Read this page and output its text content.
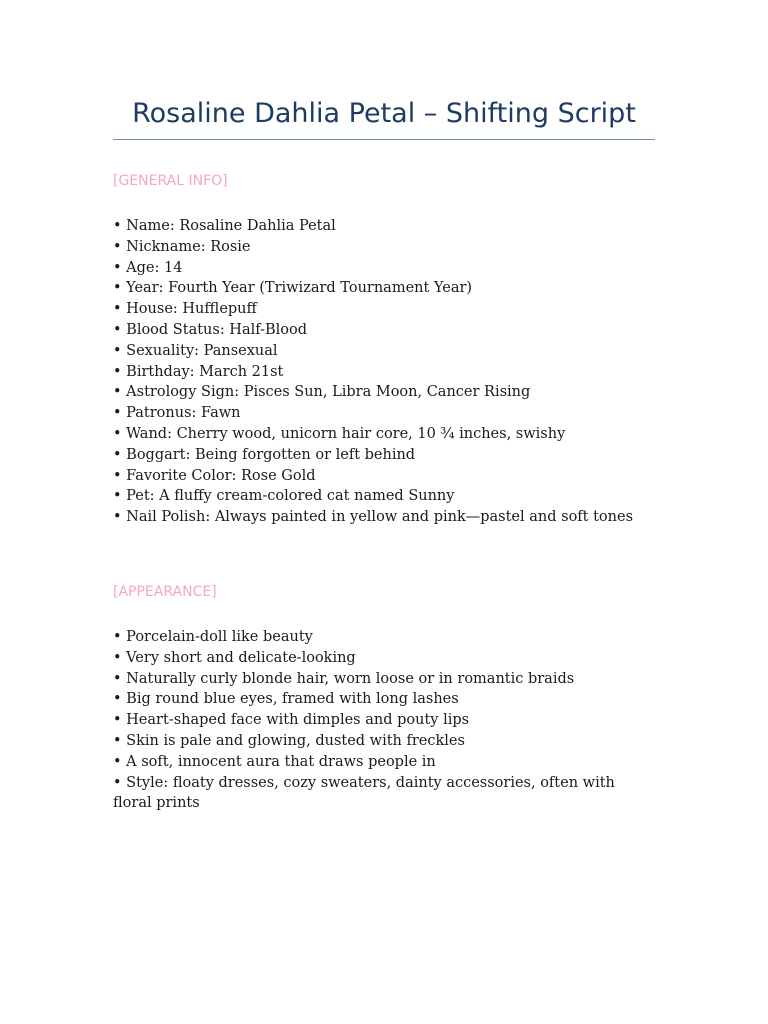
Rosaline Dahlia Petal – Shifting Script
[GENERAL INFO]
• Name: Rosaline Dahlia Petal
• Nickname: Rosie
• Age: 14
• Year: Fourth Year (Triwizard Tournament Year)
• House: Hufflepuff
• Blood Status: Half-Blood
• Sexuality: Pansexual
• Birthday: March 21st
• Astrology Sign: Pisces Sun, Libra Moon, Cancer Rising
• Patronus: Fawn
• Wand: Cherry wood, unicorn hair core, 10 ¾ inches, swishy
• Boggart: Being forgotten or left behind
• Favorite Color: Rose Gold
• Pet: A fluffy cream-colored cat named Sunny
• Nail Polish: Always painted in yellow and pink—pastel and soft tones
[APPEARANCE]
• Porcelain-doll like beauty
• Very short and delicate-looking
• Naturally curly blonde hair, worn loose or in romantic braids
• Big round blue eyes, framed with long lashes
• Heart-shaped face with dimples and pouty lips
• Skin is pale and glowing, dusted with freckles
• A soft, innocent aura that draws people in
• Style: floaty dresses, cozy sweaters, dainty accessories, often with floral prints
